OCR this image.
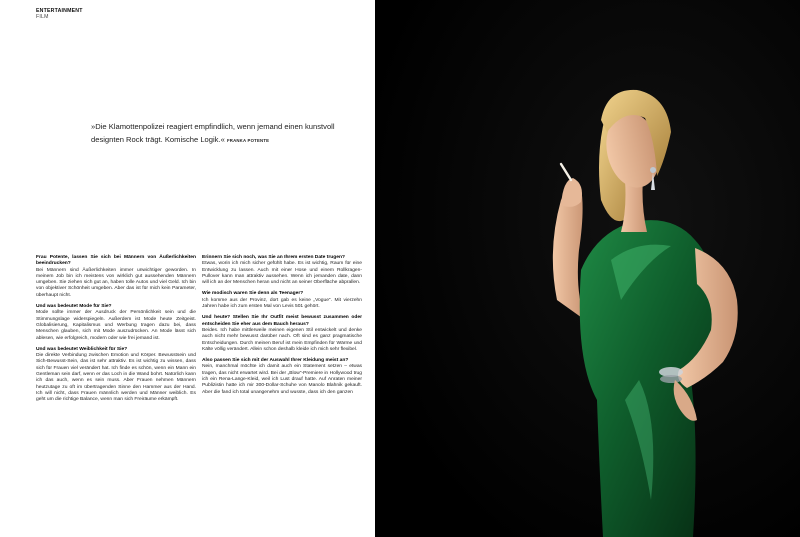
ENTERTAINMENT
FILM
»Die Klamottenpolizei reagiert empfindlich, wenn jemand einen kunstvoll designten Rock trägt. Komische Logik.« FRANKA POTENTE
Frau Potente, lassen Sie sich bei Männern von Äußerlichkeiten beeindrucken?
Bei Männern sind Äußerlichkeiten immer unwichtiger geworden. In meinem Job bin ich meistens von wirklich gut aussehenden Männern umgeben. Sie ziehen sich gut an, haben tolle Autos und viel Geld. Ich bin von objektiver Schönheit umgeben. Aber das ist für mich kein Parameter, überhaupt nicht.
Und was bedeutet Mode für Sie?
Mode sollte immer der Ausdruck der Persönlichkeit sein und die Stimmungslage widerspiegeln. Außerdem ist Mode heute Zeitgeist. Globalisierung, Kapitalismus und Werbung tragen dazu bei, dass Menschen glauben, sich mit Mode auszudrücken. An Mode lässt sich ablesen, wie erfolgreich, modern oder wie frei jemand ist.
Und was bedeutet Weiblichkeit für Sie?
Die direkte Verbindung zwischen Emotion und Körper. Bewusstsein und Sich-Bewusst-Sein, das ist sehr attraktiv. Es ist wichtig zu wissen, dass sich für Frauen viel verändert hat. Ich finde es schön, wenn ein Mann ein Gentleman sein darf, wenn er das Loch in die Wand bohrt. Natürlich kann ich das auch, wenn es sein muss. Aber Frauen nehmen Männern heutzutage zu oft im übertragenden Sinne den Hammer aus der Hand. Ich will nicht, dass Frauen männlich werden und Männer weiblich. Es geht um die richtige Balance, wenn man sich Freiräume erkämpft.
Erinnern Sie sich noch, was Sie an Ihrem ersten Date trugen?
Etwas, worin ich mich sicher gefühlt habe. Es ist wichtig, Raum für eine Entwicklung zu lassen. Auch mit einer Hose und einem Rollkragen-Pullover kann man attraktiv aussehen. Wenn ich jemanden date, dann will ich an der Menschen heran und nicht an seiner Oberfläche abprallen.
Wie modisch waren Sie denn als Teenager?
Ich komme aus der Provinz, dort gab es keine „Vogue“. Mit vierzehn Jahren habe ich zum ersten Mal von Levis 501 gehört.
Und heute? Stellen Sie Ihr Outfit meist bewusst zusammen oder entscheiden Sie eher aus dem Bauch heraus?
Beides. Ich habe mittlerweile meinen eigenen Stil entwickelt und denke auch nicht mehr bewusst darüber nach. Oft sind es ganz pragmatische Entscheidungen. Durch meinen Beruf ist mein Empfinden für Wärme und Kälte völlig verändert. Allein schon deshalb kleide ich mich sehr flexibel.
Also passen Sie sich mit der Auswahl Ihrer Kleidung meist an?
Nein, manchmal möchte ich damit auch ein Statement setzen – etwas tragen, das nicht erwartet wird. Bei der „Blow“-Premiere in Hollywood trug ich ein Rena-Lange-Kleid, weil ich Lust drauf hatte. Auf Anraten meiner Publizistin hatte ich mir 300-Dollar-Schuhe von Manolo Blahnik gekauft. Aber die fand ich total unangenehm und wusste, dass ich den ganzen
